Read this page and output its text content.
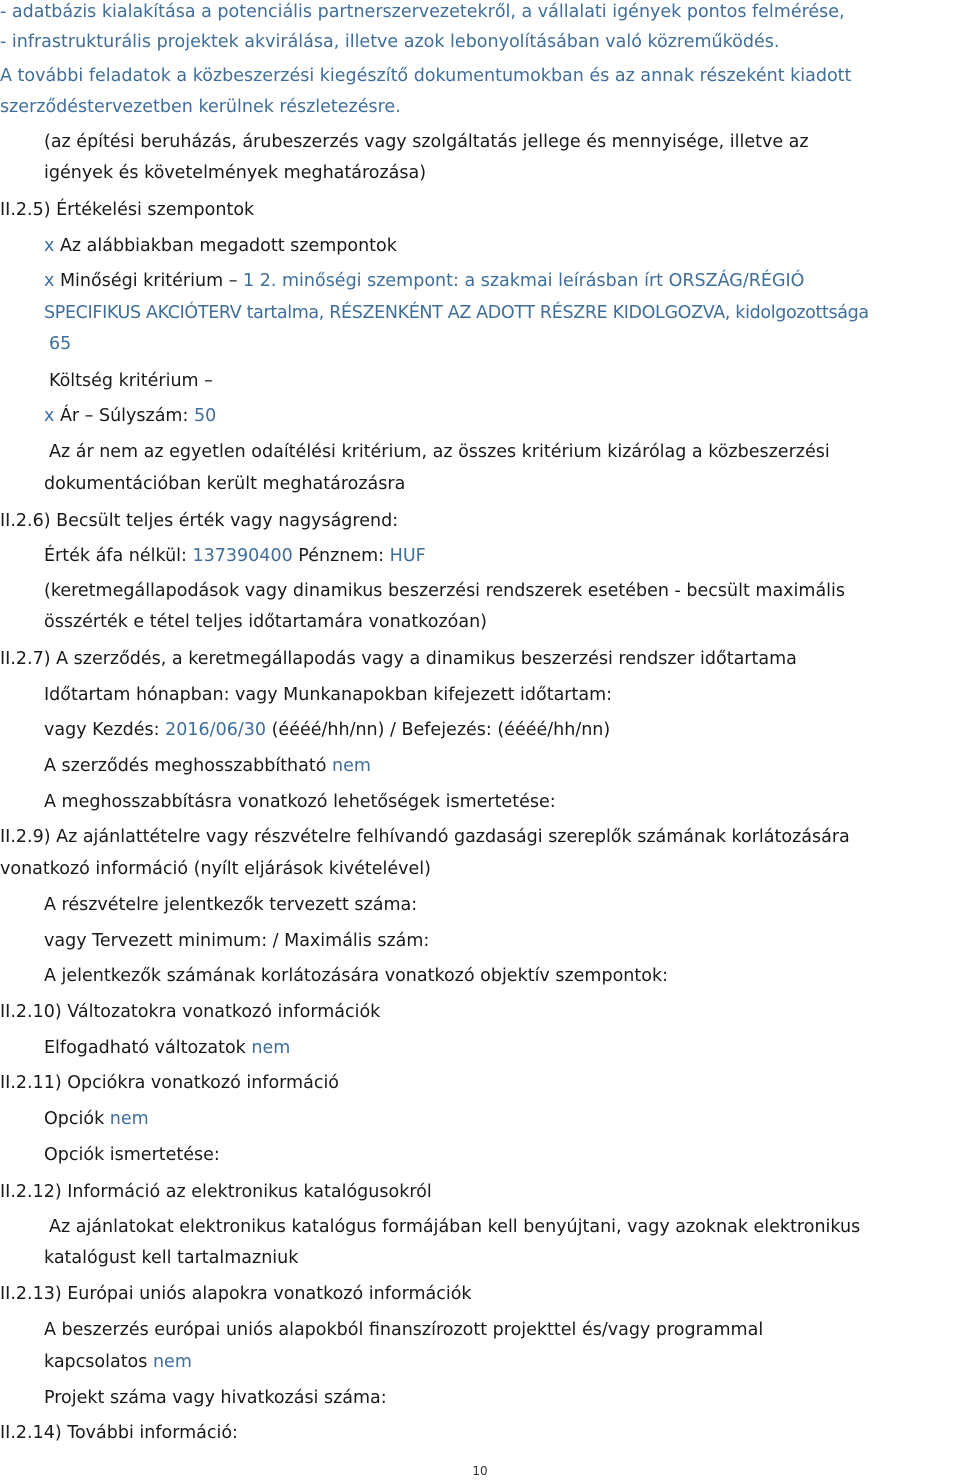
- adatbázis kialakítása a potenciális partnerszervezetekről, a vállalati igények pontos felmérése,
- infrastrukturális projektek akvirálása, illetve azok lebonyolításában való közreműködés.
A további feladatok a közbeszerzési kiegészítő dokumentumokban és az annak részeként kiadott
szerződéstervezetben kerülnek részletezésre.
(az építési beruházás, árubeszerzés vagy szolgáltatás jellege és mennyisége, illetve az
igények és követelmények meghatározása)
II.2.5) Értékelési szempontok
x Az alábbiakban megadott szempontok
x Minőségi kritérium – 1 2. minőségi szempont: a szakmai leírásban írt ORSZÁG/RÉGIÓ
SPECIFIKUS AKCIÓTERV tartalma, RÉSZENKÉNT AZ ADOTT RÉSZRE KIDOLGOZVA, kidolgozottsága
65
Költség kritérium –
x Ár – Súlyszám: 50
Az ár nem az egyetlen odaítélési kritérium, az összes kritérium kizárólag a közbeszerzési
dokumentációban került meghatározásra
II.2.6) Becsült teljes érték vagy nagyságrend:
Érték áfa nélkül: 137390400 Pénznem: HUF
(keretmegállapodások vagy dinamikus beszerzési rendszerek esetében - becsült maximális
összérték e tétel teljes időtartamára vonatkozóan)
II.2.7) A szerződés, a keretmegállapodás vagy a dinamikus beszerzési rendszer időtartama
Időtartam hónapban: vagy Munkanapokban kifejezett időtartam:
vagy Kezdés: 2016/06/30 (éééé/hh/nn) / Befejezés: (éééé/hh/nn)
A szerződés meghosszabbítható nem
A meghosszabbításra vonatkozó lehetőségek ismertetése:
II.2.9) Az ajánlattételre vagy részvételre felhívandó gazdasági szereplők számának korlátozására
vonatkozó információ (nyílt eljárások kivételével)
A részvételre jelentkezők tervezett száma:
vagy Tervezett minimum: / Maximális szám:
A jelentkezők számának korlátozására vonatkozó objektív szempontok:
II.2.10) Változatokra vonatkozó információk
Elfogadható változatok nem
II.2.11) Opciókra vonatkozó információ
Opciók nem
Opciók ismertetése:
II.2.12) Információ az elektronikus katalógusokról
Az ajánlatokat elektronikus katalógus formájában kell benyújtani, vagy azoknak elektronikus
katalógust kell tartalmazniuk
II.2.13) Európai uniós alapokra vonatkozó információk
A beszerzés európai uniós alapokból finanszírozott projekttel és/vagy programmal
kapcsolatos nem
Projekt száma vagy hivatkozási száma:
II.2.14) További információ:
10
